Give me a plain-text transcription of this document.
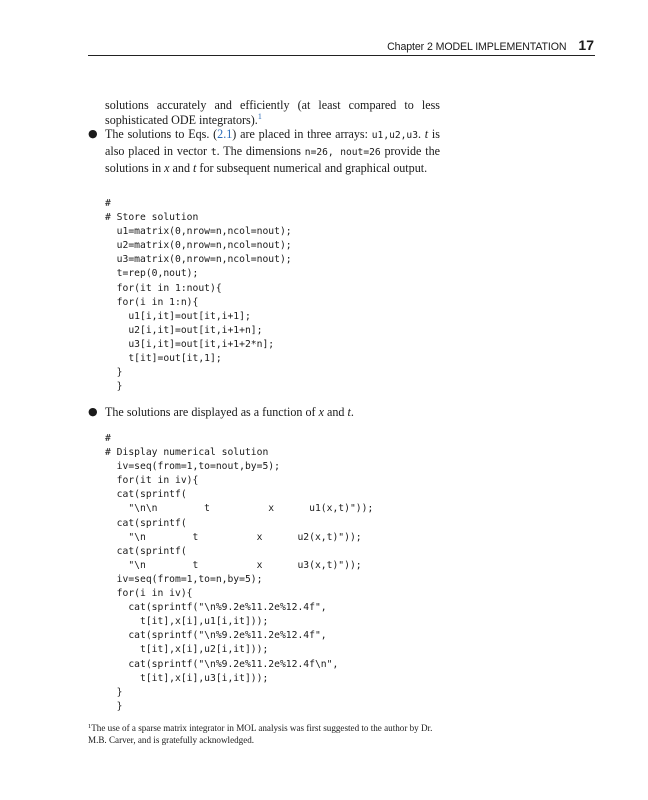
Chapter 2 MODEL IMPLEMENTATION 17

solutions accurately and efficiently (at least compared to less sophisticated ODE integrators).$^1$

● The solutions to Eqs. (2.1) are placed in three arrays: u1,u2,u3. t is also placed in vector t. The dimensions n=26, nout=26 provide the solutions in x and t for subsequent numerical and graphical output.

#
# Store solution
u1=matrix(0,nrow=n,ncol=nout);
u2=matrix(0,nrow=n,ncol=nout);
u3=matrix(0,nrow=n,ncol=nout);
t=rep(0,nout);
for(it in 1:nout){
for(i in 1:n){
u1[i,it]=out[it,i+1];
u2[i,it]=out[it,i+1+n];
u3[i,it]=out[it,i+1+2*n];
t[it]=out[it,1];
}
}
● The solutions are displayed as a function of x and t.
#
# Display numerical solution
iv=seq(from=1,to=nout,by=5);
for(it in iv){
cat(sprintf(
"\n\n        t          x      u1(x,t)"));
cat(sprintf(
"\n        t          x      u2(x,t)"));
cat(sprintf(
"\n        t          x      u3(x,t)"));
iv=seq(from=1,to=n,by=5);
for(i in iv){
cat(sprintf("\n%9.2e%11.2e%12.4f",
t[it],x[i],u1[i,it]));
cat(sprintf("\n%9.2e%11.2e%12.4f",
t[it],x[i],u2[i,it]));
cat(sprintf("\n%9.2e%11.2e%12.4f\n",
t[it],x[i],u3[i,it]));
}
}
$^1$The use of a sparse matrix integrator in MOL analysis was first suggested to the author by Dr. M.B. Carver, and is gratefully acknowledged.
